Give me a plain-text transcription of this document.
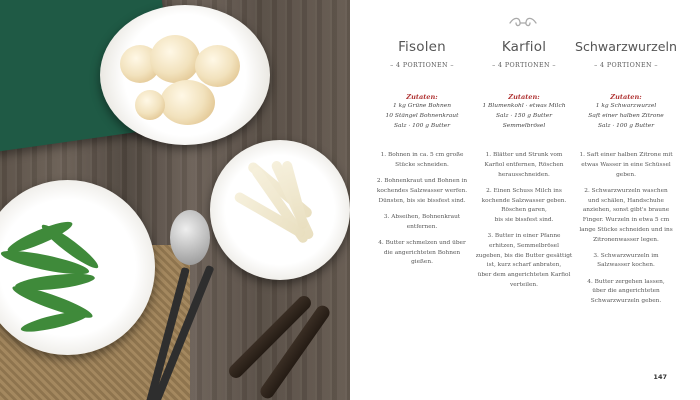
Fisolen
– 4 PORTIONEN –
Zutaten:
1 kg Grüne Bohnen
10 Stängel Bohnenkraut
Salz · 100 g Butter
1. Bohnen in ca. 5 cm große
Stücke schneiden.
2. Bohnenkraut und Bohnen in
kochendes Salzwasser werfen.
Dünsten, bis sie bissfest sind.
3. Abseihen, Bohnenkraut
entfernen.
4. Butter schmelzen und über
die angerichteten Bohnen
gießen.
Karfiol
– 4 PORTIONEN –
Zutaten:
1 Blumenkohl · etwas Milch
Salz · 150 g Butter
Semmelbrösel
1. Blätter und Strunk vom
Karfiol entfernen, Röschen
herausschneiden.
2. Einen Schuss Milch ins
kochende Salzwasser geben.
Röschen garen,
bis sie bissfest sind.
3. Butter in einer Pfanne
erhitzen, Semmelbrösel
zugeben, bis die Butter gesättigt
ist, kurz scharf anbraten,
über dem angerichteten Karfiol
verteilen.
Schwarzwurzeln
– 4 PORTIONEN –
Zutaten:
1 kg Schwarzwurzel
Saft einer halben Zitrone
Salz · 100 g Butter
1. Saft einer halben Zitrone mit
etwas Wasser in eine Schüssel
geben.
2. Schwarzwurzeln waschen
und schälen, Handschuhe
anziehen, sonst gibt's braune
Finger. Wurzeln in etwa 5 cm
lange Stücke schneiden und ins
Zitronenwasser legen.
3. Schwarzwurzeln im
Salzwasser kochen.
4. Butter zergehen lassen,
über die angerichteten
Schwarzwurzeln geben.
147
